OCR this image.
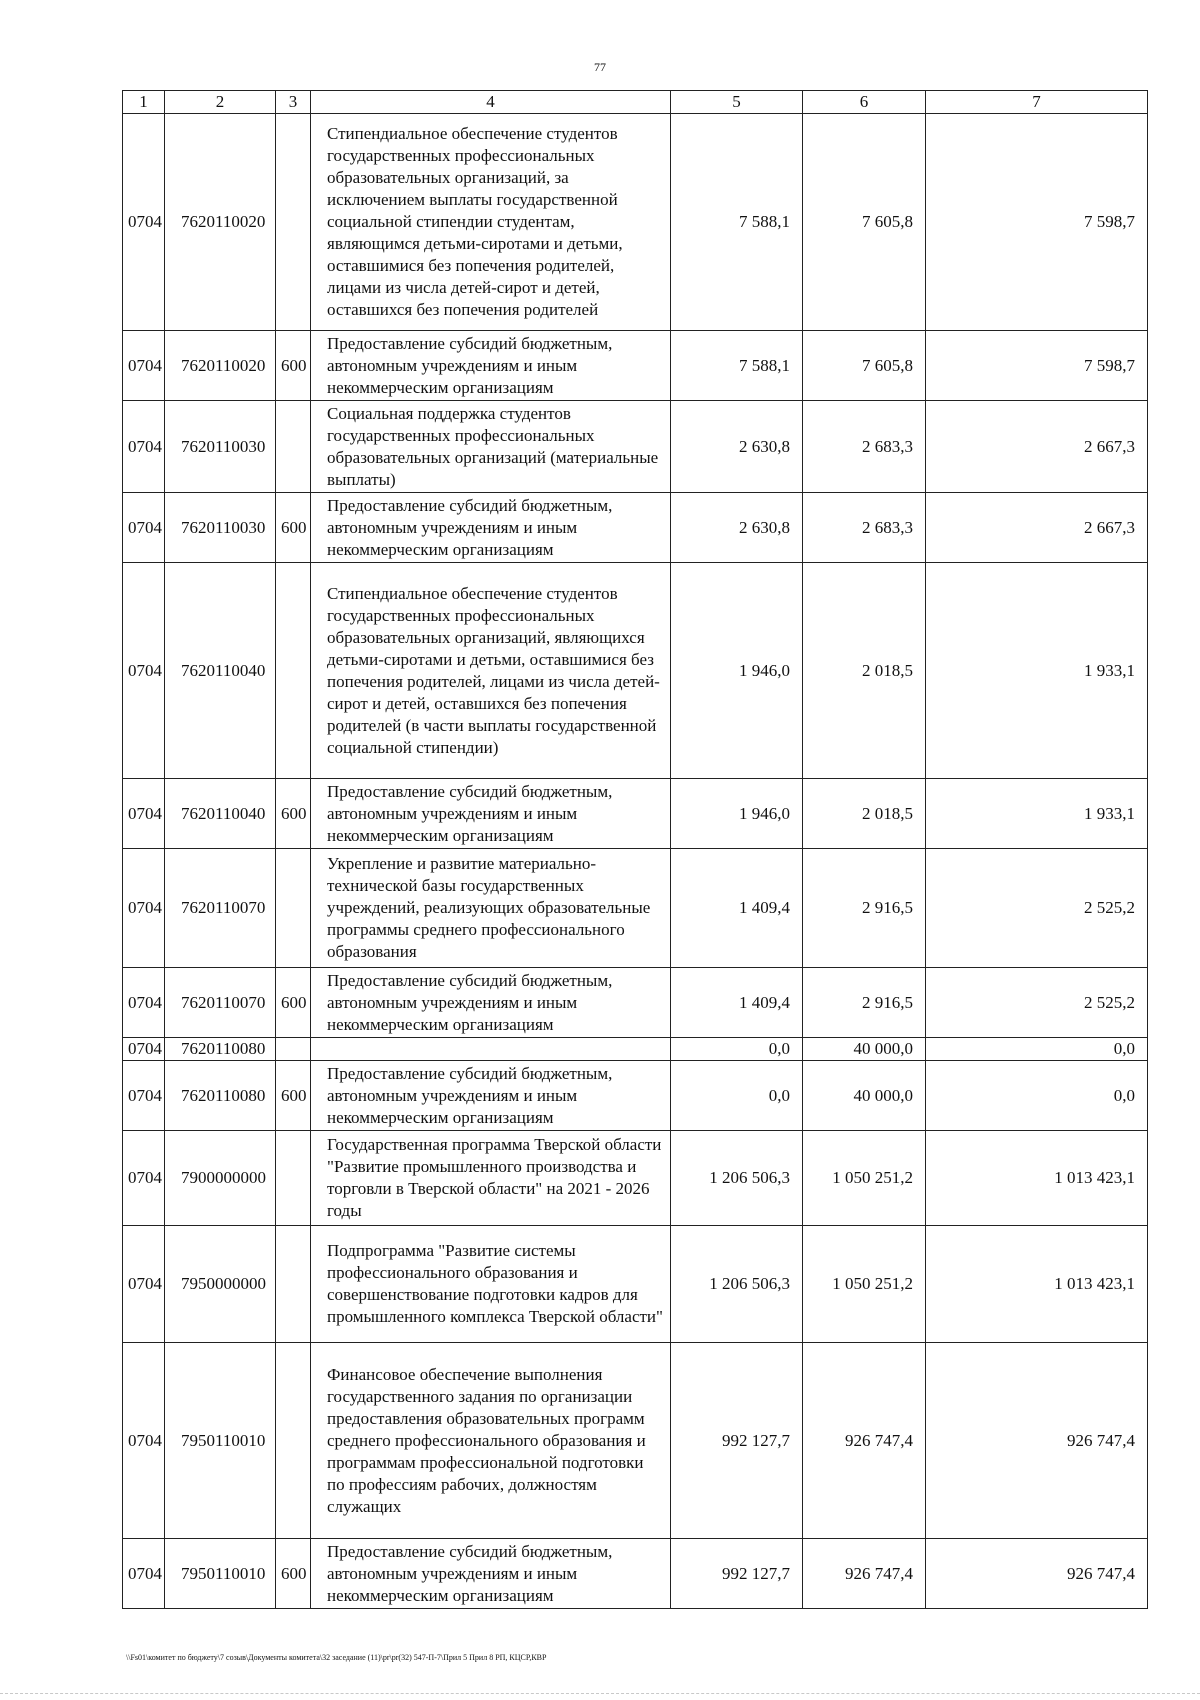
77
1	2	3	4	5	6	7
0704	7620110020		Стипендиальное обеспечение студентов государственных профессиональных образовательных организаций, за исключением выплаты государственной социальной стипендии студентам, являющимся детьми-сиротами и детьми, оставшимися без попечения родителей, лицами из числа детей-сирот и детей, оставшихся без попечения родителей	7 588,1	7 605,8	7 598,7
0704	7620110020	600	Предоставление субсидий бюджетным, автономным учреждениям и иным некоммерческим организациям	7 588,1	7 605,8	7 598,7
0704	7620110030		Социальная поддержка студентов государственных профессиональных образовательных организаций (материальные выплаты)	2 630,8	2 683,3	2 667,3
0704	7620110030	600	Предоставление субсидий бюджетным, автономным учреждениям и иным некоммерческим организациям	2 630,8	2 683,3	2 667,3
0704	7620110040		Стипендиальное обеспечение студентов государственных профессиональных образовательных организаций, являющихся детьми-сиротами и детьми, оставшимися без попечения родителей, лицами из числа детей-сирот и детей, оставшихся без попечения родителей (в части выплаты государственной социальной стипендии)	1 946,0	2 018,5	1 933,1
0704	7620110040	600	Предоставление субсидий бюджетным, автономным учреждениям и иным некоммерческим организациям	1 946,0	2 018,5	1 933,1
0704	7620110070		Укрепление и развитие материально-технической базы государственных учреждений, реализующих образовательные программы среднего профессионального образования	1 409,4	2 916,5	2 525,2
0704	7620110070	600	Предоставление субсидий бюджетным, автономным учреждениям и иным некоммерческим организациям	1 409,4	2 916,5	2 525,2
0704	7620110080			0,0	40 000,0	0,0
0704	7620110080	600	Предоставление субсидий бюджетным, автономным учреждениям и иным некоммерческим организациям	0,0	40 000,0	0,0
0704	7900000000		Государственная программа Тверской области "Развитие промышленного производства и торговли в Тверской области" на 2021 - 2026 годы	1 206 506,3	1 050 251,2	1 013 423,1
0704	7950000000		Подпрограмма "Развитие системы профессионального образования и совершенствование подготовки кадров для промышленного комплекса Тверской области"	1 206 506,3	1 050 251,2	1 013 423,1
0704	7950110010		Финансовое обеспечение выполнения государственного задания по организации предоставления образовательных программ среднего профессионального образования и программам профессиональной подготовки по профессиям рабочих, должностям служащих	992 127,7	926 747,4	926 747,4
0704	7950110010	600	Предоставление субсидий бюджетным, автономным учреждениям и иным некоммерческим организациям	992 127,7	926 747,4	926 747,4
\\Fs01\комитет по бюджету\7 созыв\Документы комитета\32 заседание (11)\pr\pr(32) 547-П-7\Прил 5 Прил 8 РП, КЦСР,КВР
